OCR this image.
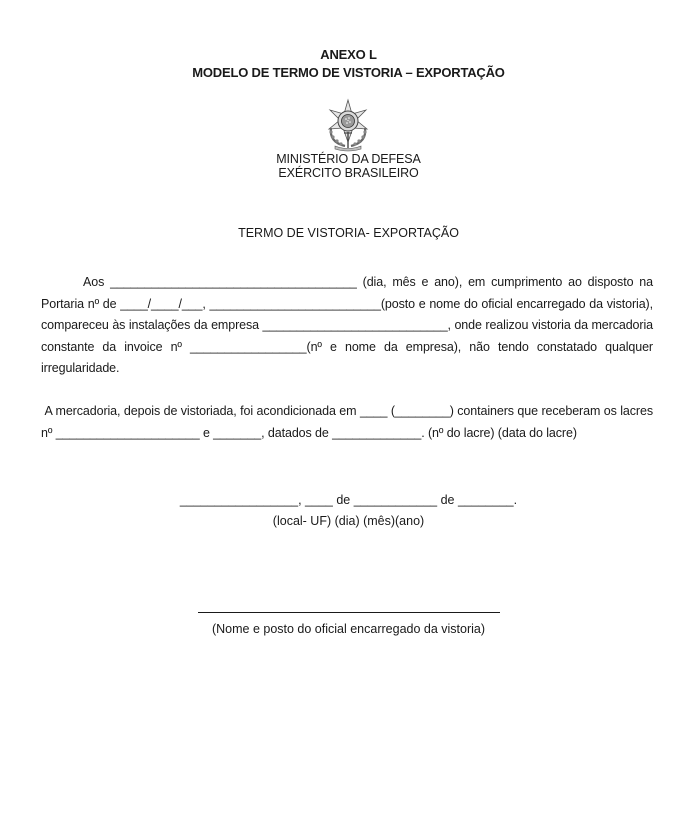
ANEXO L
MODELO DE TERMO DE VISTORIA – EXPORTAÇÃO
MINISTÉRIO DA DEFESA
EXÉRCITO BRASILEIRO
TERMO DE VISTORIA- EXPORTAÇÃO
Aos ____________________________________ (dia, mês e ano), em cumprimento ao disposto na Portaria nº de ____/____/___, _________________________(posto e nome do oficial encarregado da vistoria), compareceu às instalações da empresa ___________________________, onde realizou vistoria da mercadoria constante da invoice nº _________________(nº e nome da empresa), não tendo constatado qualquer irregularidade.
A mercadoria, depois de vistoriada, foi acondicionada em ____ (________) containers que receberam os lacres nº _____________________ e _______, datados de _____________. (nº do lacre) (data do lacre)
_________________, ____ de ____________ de ________.
(local- UF) (dia) (mês)(ano)
(Nome e posto do oficial encarregado da vistoria)
